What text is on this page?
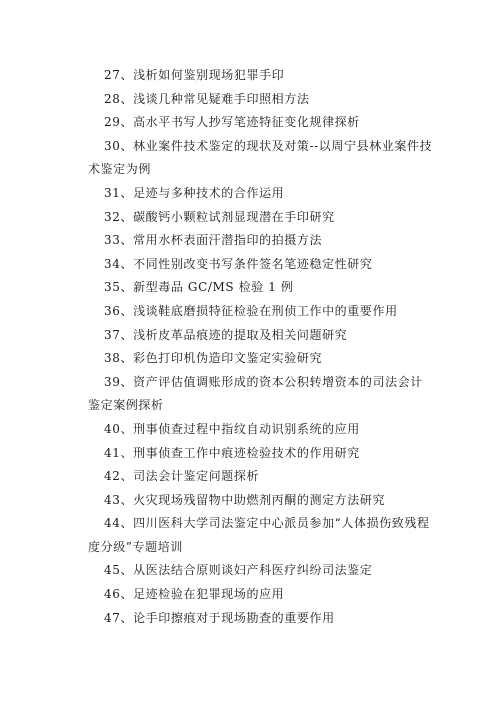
27、浅析如何鉴别现场犯罪手印
28、浅谈几种常见疑难手印照相方法
29、高水平书写人抄写笔迹特征变化规律探析
30、林业案件技术鉴定的现状及对策--以周宁县林业案件技术鉴定为例
31、足迹与多种技术的合作运用
32、碳酸钙小颗粒试剂显现潜在手印研究
33、常用水杯表面汗潜指印的拍摄方法
34、不同性别改变书写条件签名笔迹稳定性研究
35、新型毒品 GC/MS 检验 1 例
36、浅谈鞋底磨损特征检验在刑侦工作中的重要作用
37、浅析皮革品痕迹的提取及相关问题研究
38、彩色打印机伪造印文鉴定实验研究
39、资产评估值调账形成的资本公积转增资本的司法会计鉴定案例探析
40、刑事侦查过程中指纹自动识别系统的应用
41、刑事侦查工作中痕迹检验技术的作用研究
42、司法会计鉴定问题探析
43、火灾现场残留物中助燃剂丙酮的测定方法研究
44、四川医科大学司法鉴定中心派员参加“人体损伤致残程度分级”专题培训
45、从医法结合原则谈妇产科医疗纠纷司法鉴定
46、足迹检验在犯罪现场的应用
47、论手印擦痕对于现场勘查的重要作用
